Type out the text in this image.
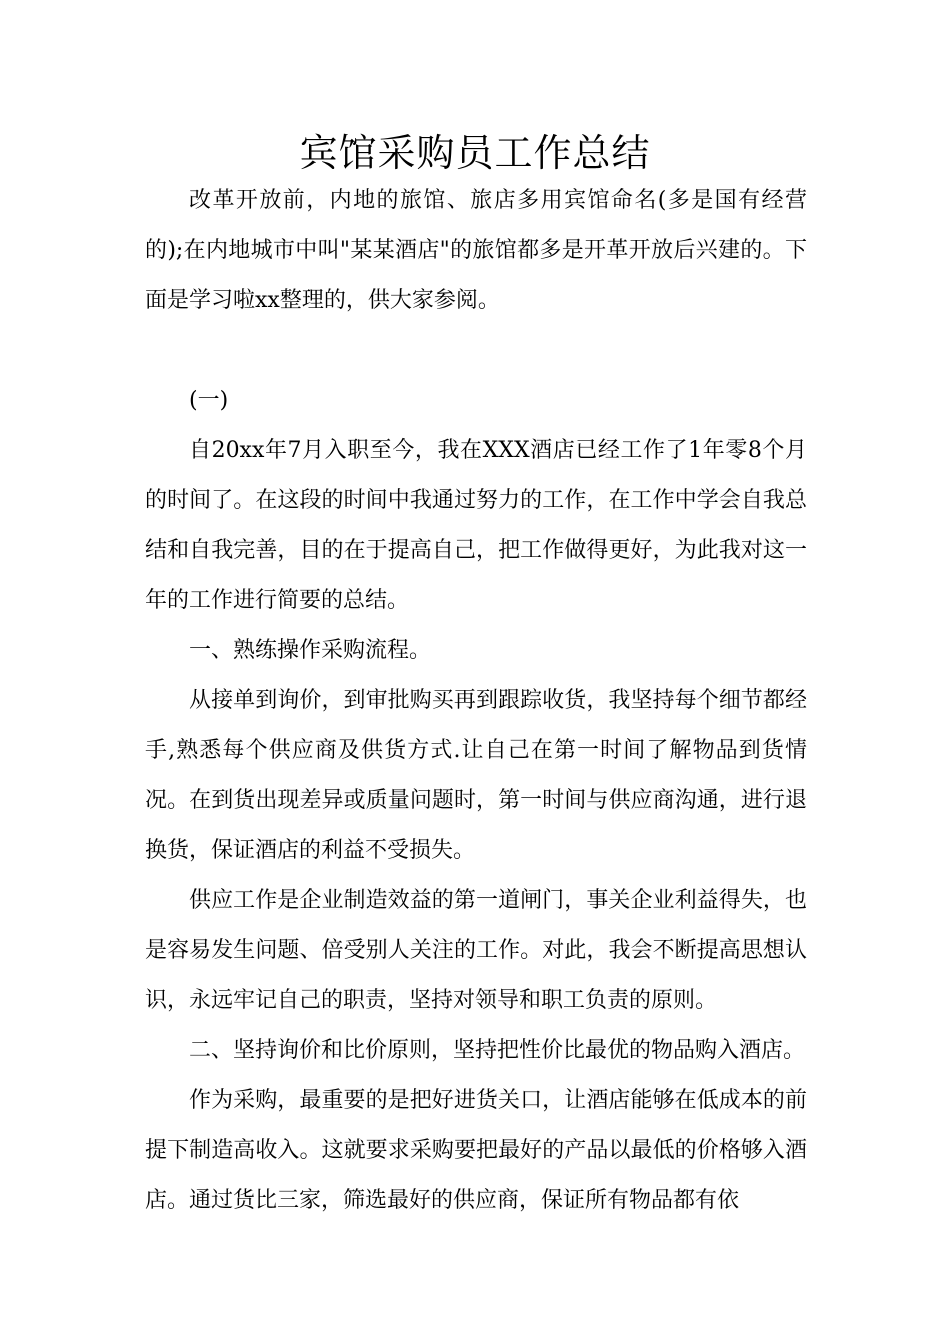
宾馆采购员工作总结

改革开放前，内地的旅馆、旅店多用宾馆命名(多是国有经营的);在内地城市中叫"某某酒店"的旅馆都多是开革开放后兴建的。下面是学习啦xx整理的，供大家参阅。

(一)

自20xx年7月入职至今，我在XXX酒店已经工作了1年零8个月的时间了。在这段的时间中我通过努力的工作，在工作中学会自我总结和自我完善，目的在于提高自己，把工作做得更好，为此我对这一年的工作进行简要的总结。

一、熟练操作采购流程。

从接单到询价，到审批购买再到跟踪收货，我坚持每个细节都经手,熟悉每个供应商及供货方式.让自己在第一时间了解物品到货情况。在到货出现差异或质量问题时，第一时间与供应商沟通，进行退换货，保证酒店的利益不受损失。

供应工作是企业制造效益的第一道闸门，事关企业利益得失，也是容易发生问题、倍受别人关注的工作。对此，我会不断提高思想认识，永远牢记自己的职责，坚持对领导和职工负责的原则。

二、坚持询价和比价原则，坚持把性价比最优的物品购入酒店。

作为采购，最重要的是把好进货关口，让酒店能够在低成本的前提下制造高收入。这就要求采购要把最好的产品以最低的价格够入酒店。通过货比三家，筛选最好的供应商，保证所有物品都有依
